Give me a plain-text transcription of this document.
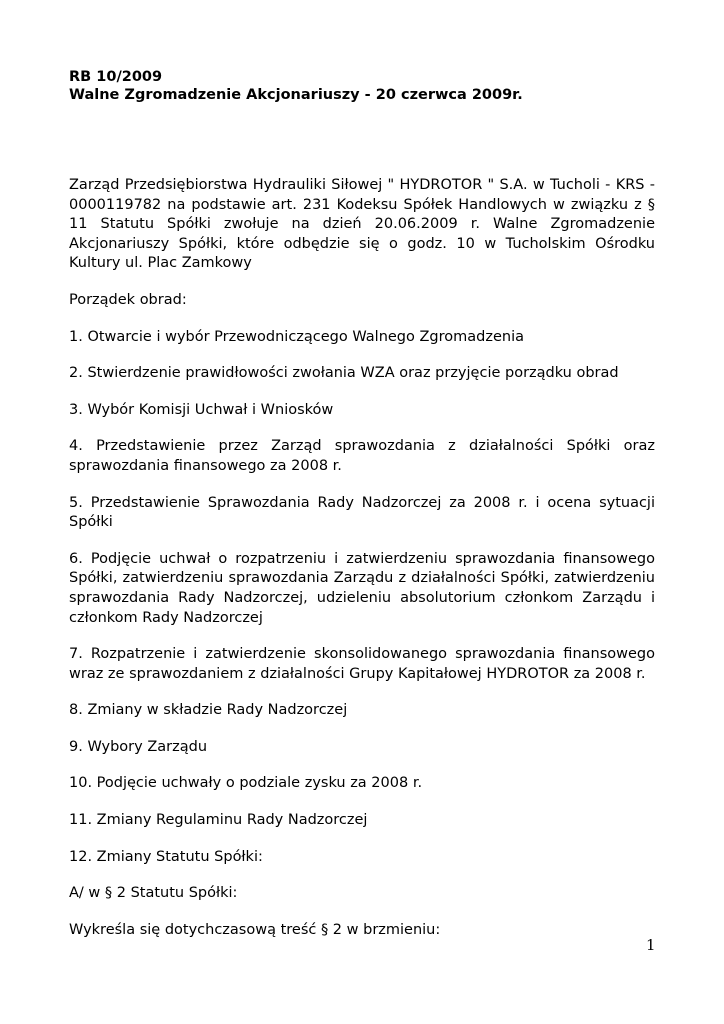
RB 10/2009

Walne Zgromadzenie Akcjonariuszy - 20 czerwca 2009r.

Zarząd Przedsiębiorstwa Hydrauliki Siłowej " HYDROTOR " S.A. w Tucholi - KRS - 0000119782 na podstawie art. 231 Kodeksu Spółek Handlowych w związku z § 11 Statutu Spółki zwołuje na dzień 20.06.2009 r. Walne Zgromadzenie Akcjonariuszy Spółki, które odbędzie się o godz. 10 w Tucholskim Ośrodku Kultury ul. Plac Zamkowy
Porządek obrad:
1. Otwarcie i wybór Przewodniczącego Walnego Zgromadzenia
2. Stwierdzenie prawidłowości zwołania WZA oraz przyjęcie porządku obrad
3. Wybór Komisji Uchwał i Wniosków
4. Przedstawienie przez Zarząd sprawozdania z działalności Spółki oraz sprawozdania finansowego za 2008 r.
5. Przedstawienie Sprawozdania Rady Nadzorczej za 2008 r. i ocena sytuacji Spółki
6. Podjęcie uchwał o rozpatrzeniu i zatwierdzeniu sprawozdania finansowego Spółki, zatwierdzeniu sprawozdania Zarządu z działalności Spółki, zatwierdzeniu sprawozdania Rady Nadzorczej, udzieleniu absolutorium członkom Zarządu i członkom Rady Nadzorczej
7. Rozpatrzenie i zatwierdzenie skonsolidowanego sprawozdania finansowego wraz ze sprawozdaniem z działalności Grupy Kapitałowej HYDROTOR za 2008 r.
8. Zmiany w składzie Rady Nadzorczej
9. Wybory Zarządu
10. Podjęcie uchwały o podziale zysku za 2008 r.
11. Zmiany Regulaminu Rady Nadzorczej
12. Zmiany Statutu Spółki:
A/ w § 2 Statutu Spółki:
Wykreśla się dotychczasową treść § 2 w brzmieniu:
1
